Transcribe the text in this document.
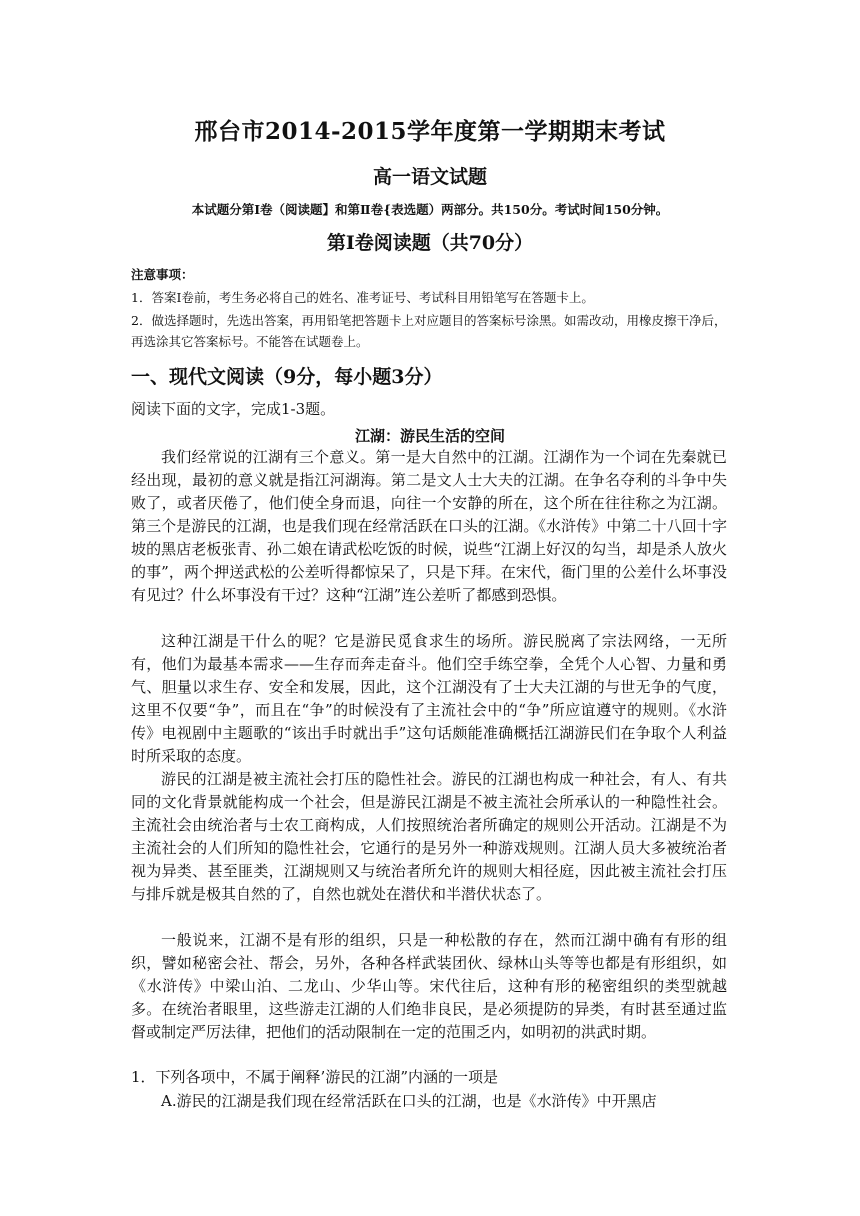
邢台市2014-2015学年度第一学期期末考试
高一语文试题
本试题分第Ⅰ卷（阅读题】和第Ⅱ卷{表选题）两部分。共150分。考试时间150分钟。
第Ⅰ卷阅读题（共70分）
注意事项：
1．答案Ⅰ卷前，考生务必将自己的姓名、准考证号、考试科目用铅笔写在答题卡上。
2．做选择题时，先选出答案，再用铅笔把答题卡上对应题目的答案标号涂黑。如需改动，用橡皮擦干净后，再选涂其它答案标号。不能答在试题卷上。
一、现代文阅读（9分，每小题3分）
阅读下面的文字，完成1-3题。
江湖：游民生活的空间
我们经常说的江湖有三个意义。第一是大自然中的江湖。江湖作为一个词在先秦就已经出现，最初的意义就是指江河湖海。第二是文人士大夫的江湖。在争名夺利的斗争中失败了，或者厌倦了，他们使全身而退，向往一个安静的所在，这个所在往往称之为江湖。第三个是游民的江湖，也是我们现在经常活跃在口头的江湖。《水浒传》中第二十八回十字坡的黑店老板张青、孙二娘在请武松吃饭的时候，说些“江湖上好汉的勾当，却是杀人放火的事”，两个押送武松的公差听得都惊呆了，只是下拜。在宋代，衙门里的公差什么坏事没有见过？什么坏事没有干过？这种“江湖”连公差听了都感到恐惧。
这种江湖是干什么的呢？它是游民觅食求生的场所。游民脱离了宗法网络，一无所有，他们为最基本需求——生存而奔走奋斗。他们空手练空拳，全凭个人心智、力量和勇气、胆量以求生存、安全和发展，因此，这个江湖没有了士大夫江湖的与世无争的气度，这里不仅要“争”，而且在“争”的时候没有了主流社会中的“争”所应谊遵守的规则。《水浒传》电视剧中主题歌的“该出手时就出手”这句话颇能准确概括江湖游民们在争取个人利益时所采取的态度。
游民的江湖是被主流社会打压的隐性社会。游民的江湖也构成一种社会，有人、有共同的文化背景就能构成一个社会，但是游民江湖是不被主流社会所承认的一种隐性社会。主流社会由统治者与士农工商构成，人们按照统治者所确定的规则公开活动。江湖是不为主流社会的人们所知的隐性社会，它通行的是另外一种游戏规则。江湖人员大多被统治者视为异类、甚至匪类，江湖规则又与统治者所允许的规则大相径庭，因此被主流社会打压与排斥就是极其自然的了，自然也就处在潜伏和半潜伏状态了。
一般说来，江湖不是有形的组织，只是一种松散的存在，然而江湖中确有有形的组织，譬如秘密会社、帮会，另外，各种各样武装团伙、绿林山头等等也都是有形组织，如《水浒传》中梁山泊、二龙山、少华山等。宋代往后，这种有形的秘密组织的类型就越多。在统治者眼里，这些游走江湖的人们绝非良民，是必须提防的异类，有时甚至通过监督或制定严厉法律，把他们的活动限制在一定的范围乏内，如明初的洪武时期。
1．下列各项中，不属于阐释’游民的江湖”内涵的一项是
A.游民的江湖是我们现在经常活跃在口头的江湖，也是《水浒传》中开黑店
